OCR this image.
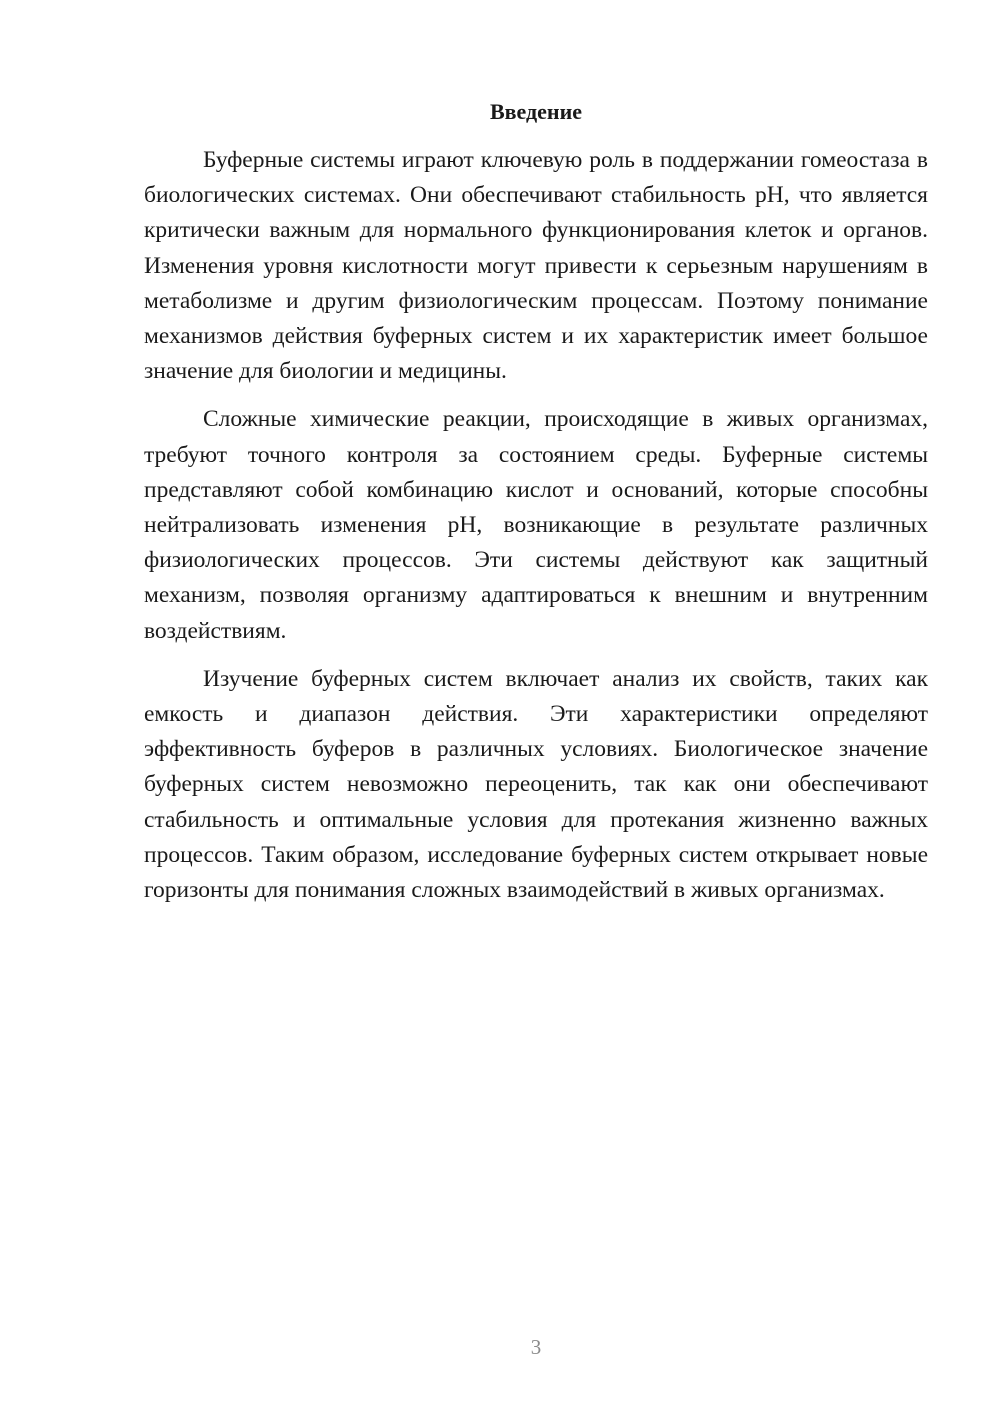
Введение

Буферные системы играют ключевую роль в поддержании гомеостаза в биологических системах. Они обеспечивают стабильность pH, что является критически важным для нормального функционирования клеток и органов. Изменения уровня кислотности могут привести к серьезным нарушениям в метаболизме и другим физиологическим процессам. Поэтому понимание механизмов действия буферных систем и их характеристик имеет большое значение для биологии и медицины.

Сложные химические реакции, происходящие в живых организмах, требуют точного контроля за состоянием среды. Буферные системы представляют собой комбинацию кислот и оснований, которые способны нейтрализовать изменения pH, возникающие в результате различных физиологических процессов. Эти системы действуют как защитный механизм, позволяя организму адаптироваться к внешним и внутренним воздействиям.

Изучение буферных систем включает анализ их свойств, таких как емкость и диапазон действия. Эти характеристики определяют эффективность буферов в различных условиях. Биологическое значение буферных систем невозможно переоценить, так как они обеспечивают стабильность и оптимальные условия для протекания жизненно важных процессов. Таким образом, исследование буферных систем открывает новые горизонты для понимания сложных взаимодействий в живых организмах.

3
